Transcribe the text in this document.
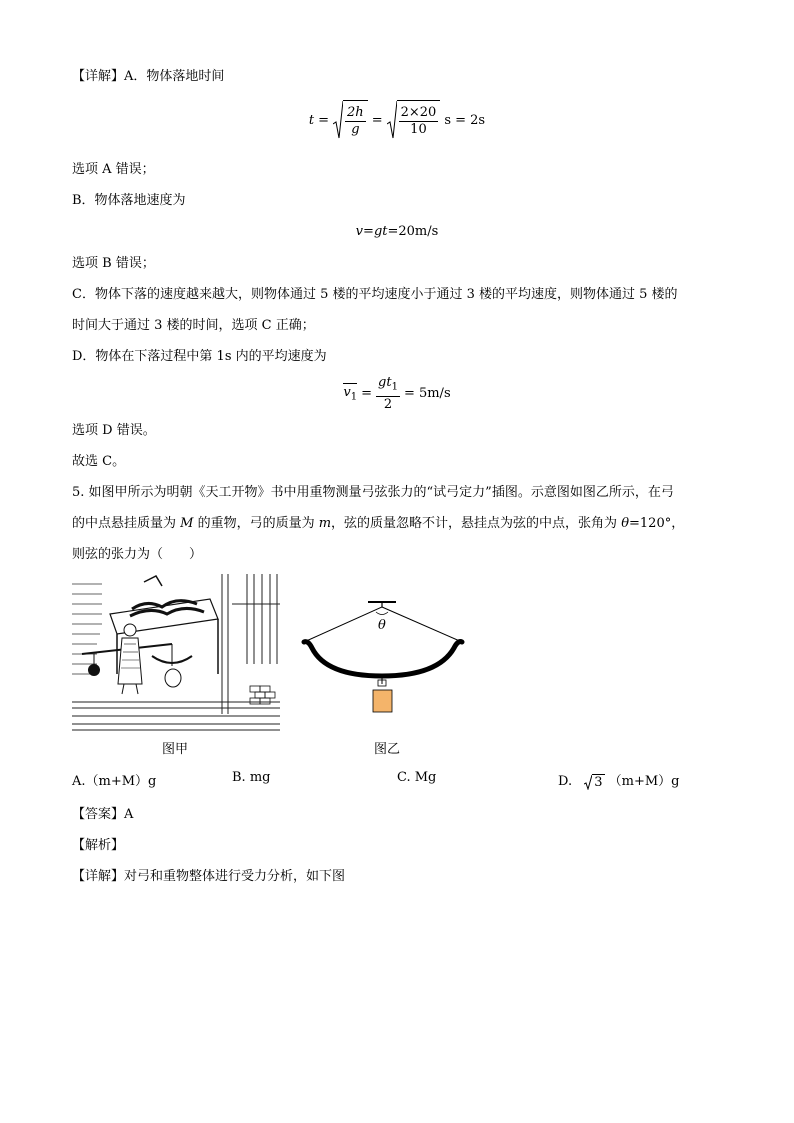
【详解】A．物体落地时间
$t = \frac{2h}{g} = \frac{2\times 20}{10}$ s = 2s
选项 A 错误；
B．物体落地速度为
v=gt=20m/s
选项 B 错误；
C．物体下落的速度越来越大，则物体通过 5 楼的平均速度小于通过 3 楼的平均速度，则物体通过 5 楼的
时间大于通过 3 楼的时间，选项 C 正确；
D．物体在下落过程中第 1s 内的平均速度为
$v_1 = \frac{gt_1}{2} = 5m/s$
选项 D 错误。
故选 C。
5. 如图甲所示为明朝《天工开物》书中用重物测量弓弦张力的“试弓定力”插图。示意图如图乙所示，在弓
的中点悬挂质量为 M 的重物，弓的质量为 m，弦的质量忽略不计，悬挂点为弦的中点，张角为 θ=120°，
则弦的张力为（　　）
θ
图甲	图乙
A.（m+M）g	B. mg	C. Mg	D. 3 （m+M）g
【答案】A
【解析】
【详解】对弓和重物整体进行受力分析，如下图
